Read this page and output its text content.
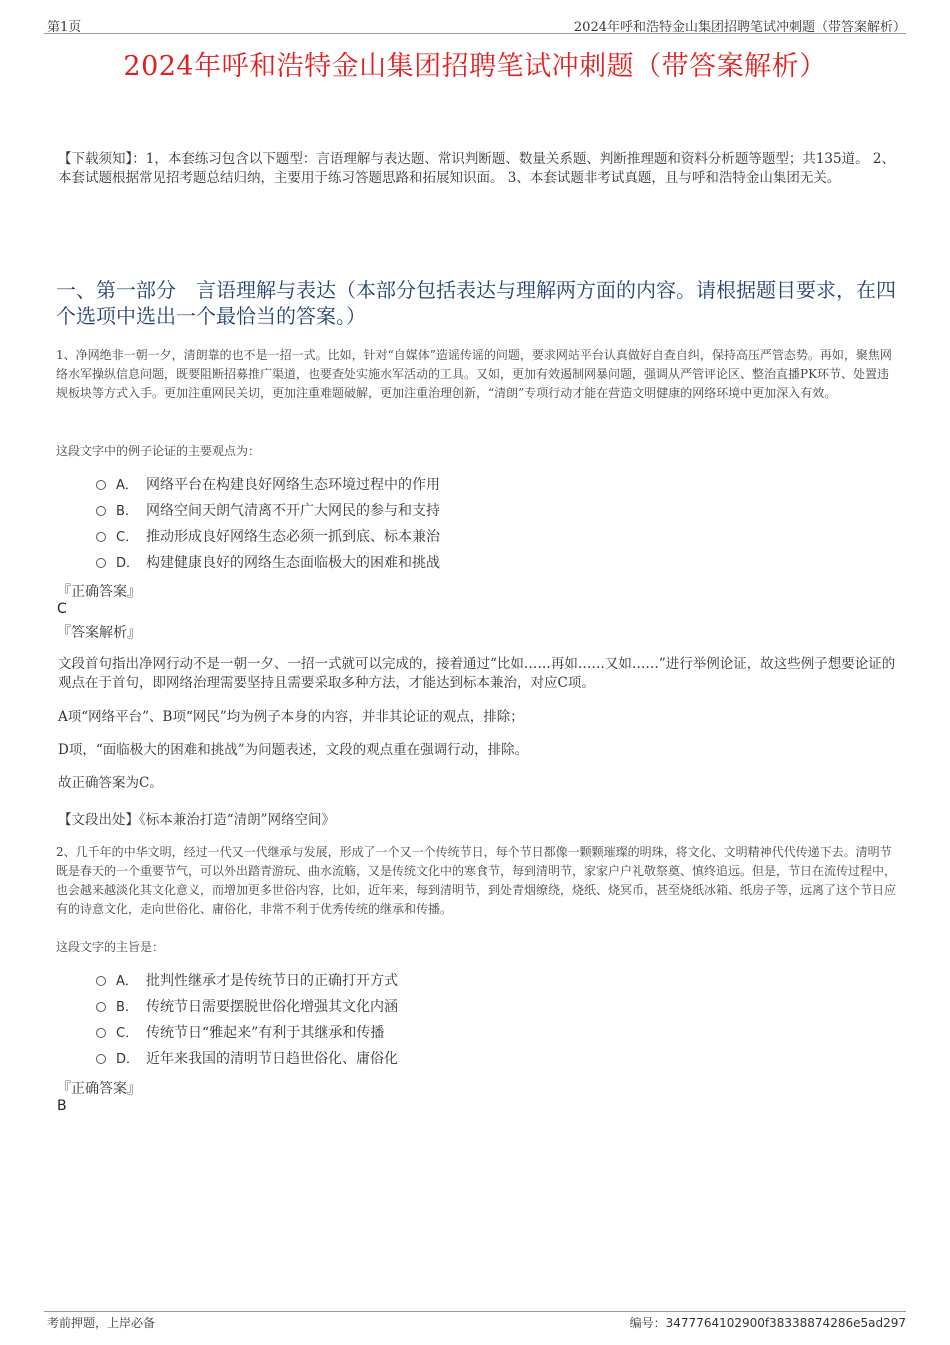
第1页	2024年呼和浩特金山集团招聘笔试冲刺题（带答案解析）
2024年呼和浩特金山集团招聘笔试冲刺题（带答案解析）
【下载须知】：1，本套练习包含以下题型：言语理解与表达题、常识判断题、数量关系题、判断推理题和资料分析题等题型；共135道。 2、本套试题根据常见招考题总结归纳，主要用于练习答题思路和拓展知识面。 3、本套试题非考试真题，且与呼和浩特金山集团无关。
一、第一部分　言语理解与表达（本部分包括表达与理解两方面的内容。请根据题目要求，在四个选项中选出一个最恰当的答案。）
1、净网绝非一朝一夕，清朗靠的也不是一招一式。比如，针对“自媒体”造谣传谣的问题，要求网站平台认真做好自查自纠，保持高压严管态势。再如，聚焦网络水军操纵信息问题，既要阻断招募推广渠道，也要查处实施水军活动的工具。又如，更加有效遏制网暴问题，强调从严管评论区、整治直播PK环节、处置违规板块等方式入手。更加注重网民关切，更加注重难题破解，更加注重治理创新，“清朗”专项行动才能在营造文明健康的网络环境中更加深入有效。
这段文字中的例子论证的主要观点为：
A． 网络平台在构建良好网络生态环境过程中的作用
B. 网络空间天朗气清离不开广大网民的参与和支持
C． 推动形成良好网络生态必须一抓到底、标本兼治
D． 构建健康良好的网络生态面临极大的困难和挑战
『正确答案』
C
『答案解析』
文段首句指出净网行动不是一朝一夕、一招一式就可以完成的，接着通过“比如……再如……又如……”进行举例论证，故这些例子想要论证的观点在于首句，即网络治理需要坚持且需要采取多种方法，才能达到标本兼治，对应C项。
A项“网络平台”、B项“网民”均为例子本身的内容，并非其论证的观点，排除；
D项，“面临极大的困难和挑战”为问题表述，文段的观点重在强调行动，排除。
故正确答案为C。
【文段出处】《标本兼治打造“清朗”网络空间》
2、几千年的中华文明，经过一代又一代继承与发展，形成了一个又一个传统节日，每个节日都像一颗颗璀璨的明珠，将文化、文明精神代代传递下去。清明节既是春天的一个重要节气，可以外出踏青游玩、曲水流觞，又是传统文化中的寒食节，每到清明节，家家户户礼敬祭奠、慎终追远。但是，节日在流传过程中，也会越来越淡化其文化意义，而增加更多世俗内容，比如，近年来，每到清明节，到处青烟缭绕，烧纸、烧冥币，甚至烧纸冰箱、纸房子等，远离了这个节日应有的诗意文化，走向世俗化、庸俗化，非常不利于优秀传统的继承和传播。
这段文字的主旨是：
A． 批判性继承才是传统节日的正确打开方式
B. 传统节日需要摆脱世俗化增强其文化内涵
C． 传统节日“雅起来”有利于其继承和传播
D． 近年来我国的清明节日趋世俗化、庸俗化
『正确答案』
B
考前押题，上岸必备	编号：3477764102900f38338874286e5ad297
